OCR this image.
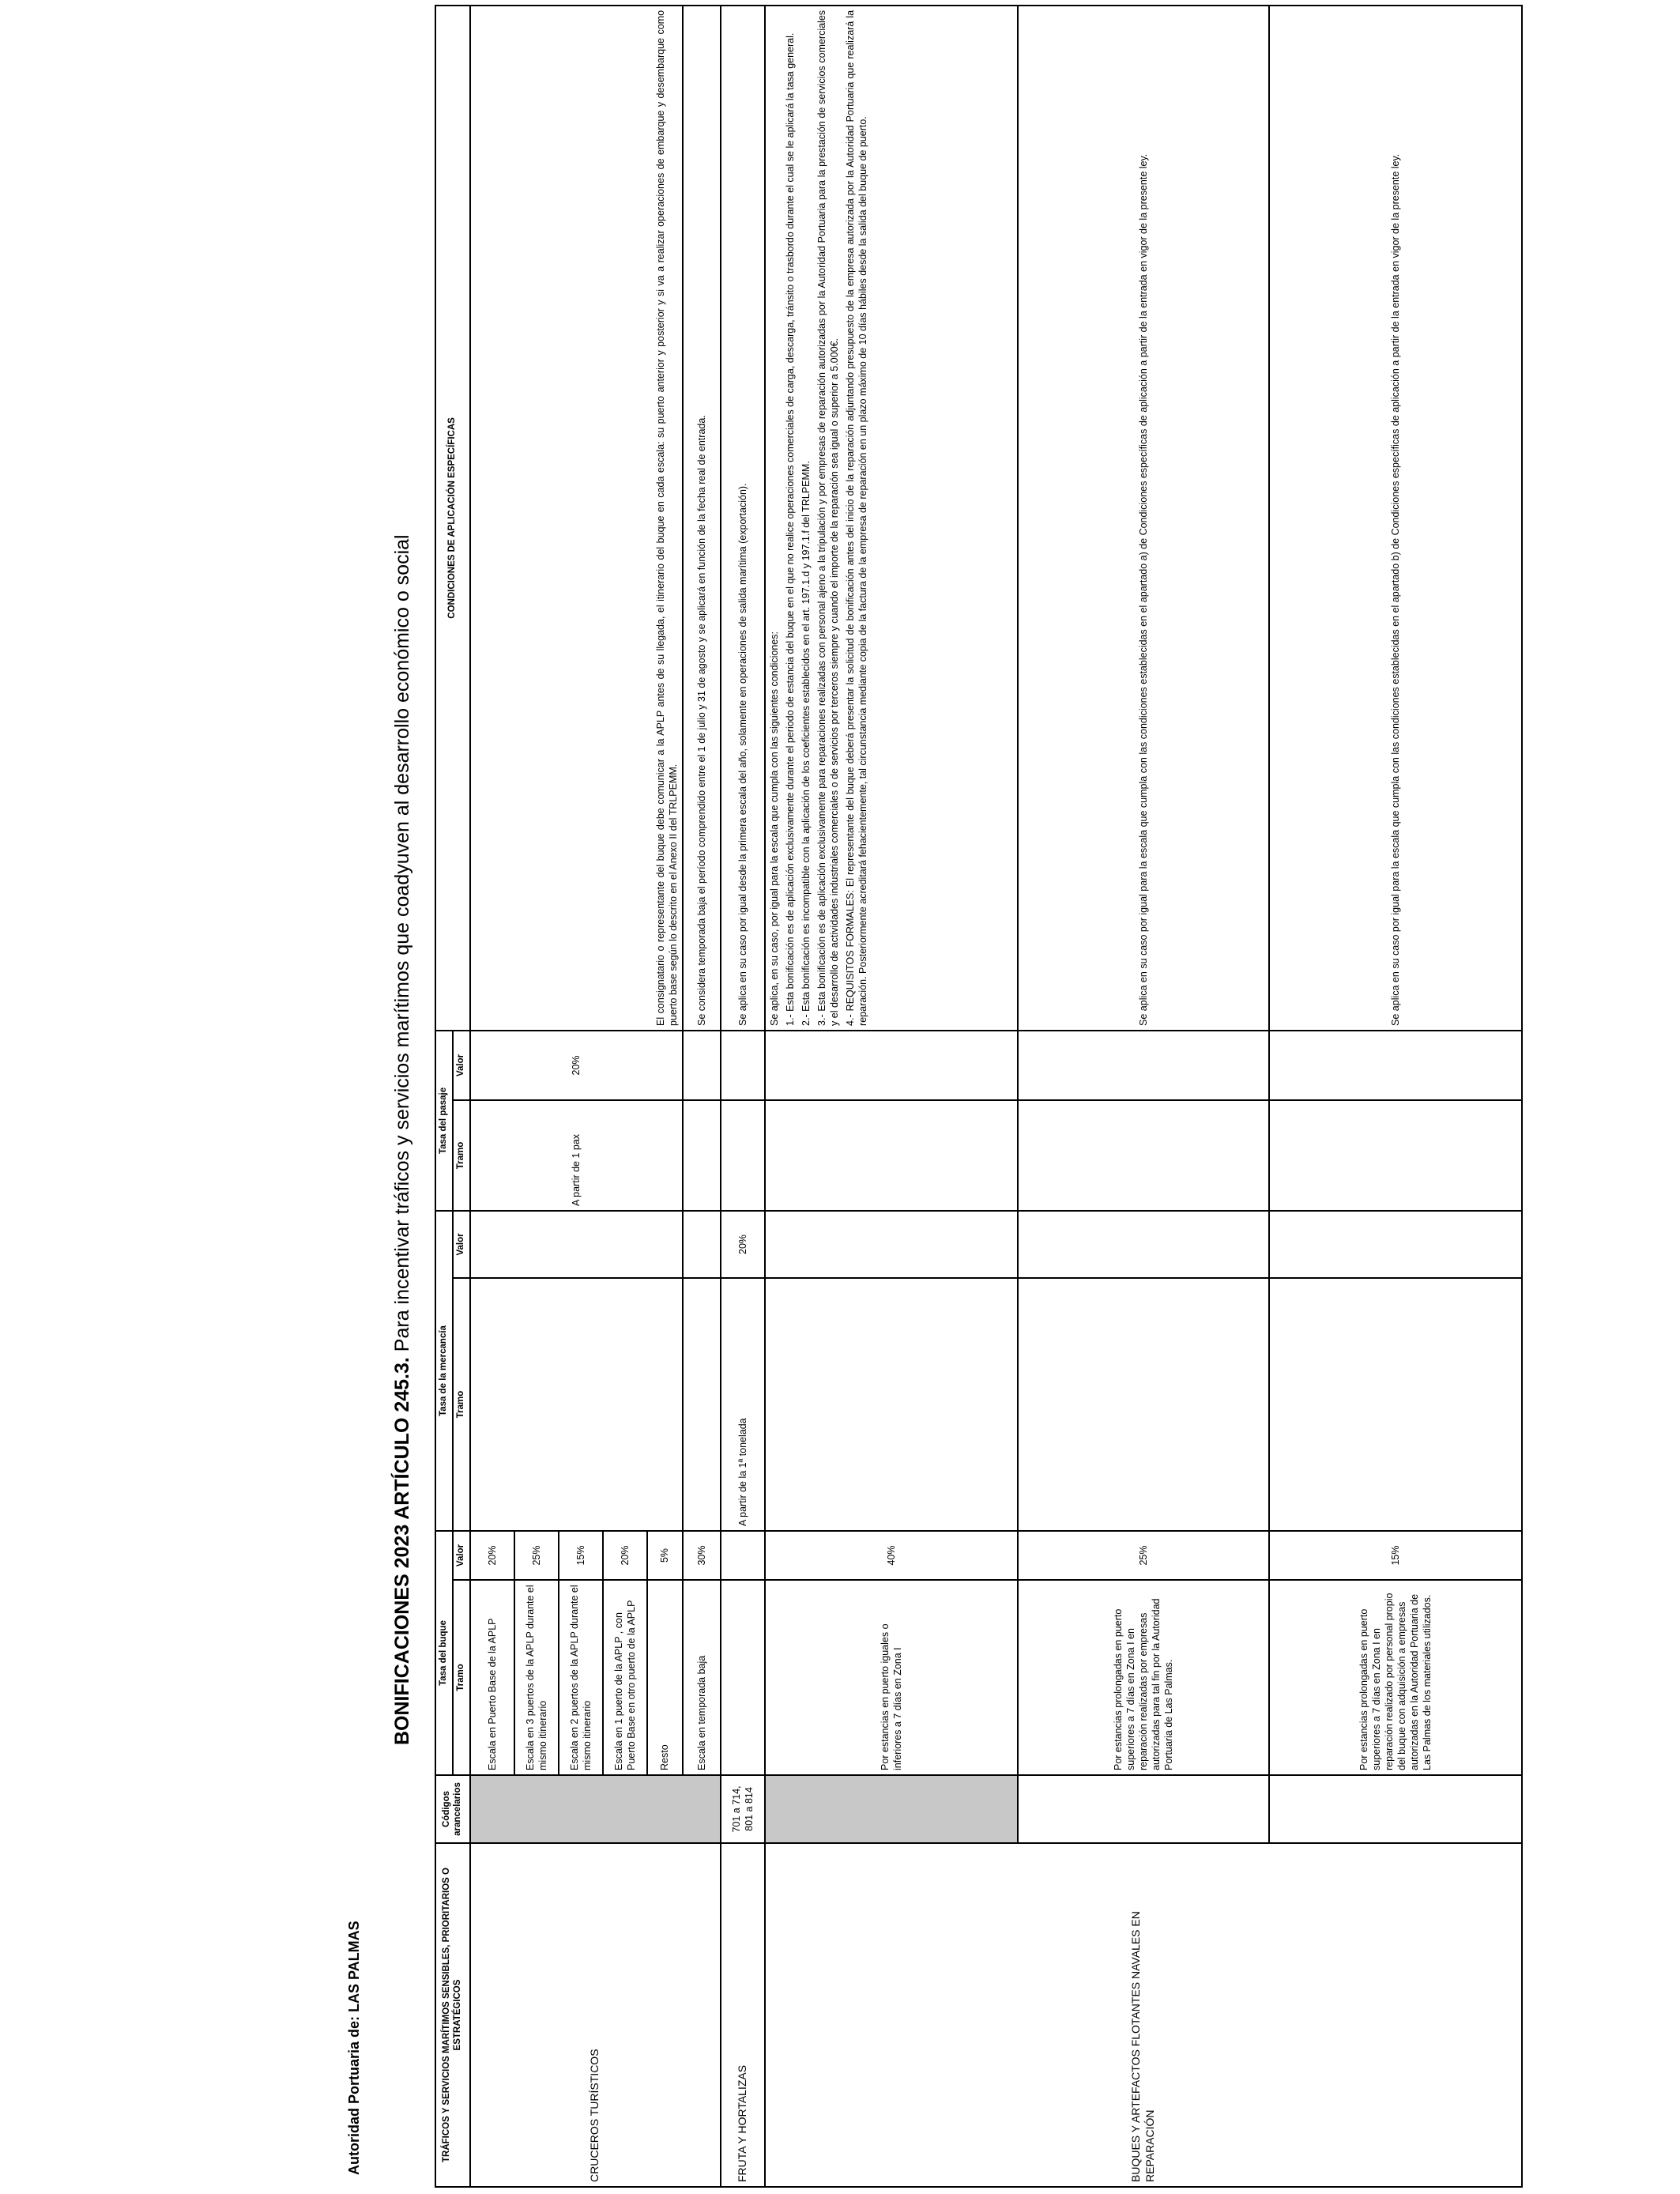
Autoridad Portuaria de: LAS PALMAS
BONIFICACIONES 2023 ARTÍCULO 245.3. Para incentivar tráficos y servicios marítimos que coadyuven al desarrollo económico o social
TRÁFICOS Y SERVICIOS MARÍTIMOS SENSIBLES, PRIORITARIOS O ESTRATÉGICOS	Códigos arancelarios	Tasa del buque		Tasa de la mercancía		Tasa del pasaje		CONDICIONES DE APLICACIÓN ESPECÍFICAS
		Tramo	Valor	Tramo	Valor	Tramo	Valor	
CRUCEROS TURÍSTICOS		Escala en Puerto Base de la APLP	20%			A partir de 1 pax	20%	El consignatario o representante del buque debe comunicar a la APLP antes de su llegada, el itinerario del buque en cada escala: su puerto anterior y posterior y si va a realizar operaciones de embarque y desembarque como puerto base según lo descrito en el Anexo II del TRLPEMM.
		Escala en 3 puertos de la APLP durante el mismo itinerario	25%					
		Escala en 2 puertos de la APLP durante el mismo itinerario	15%					
		Escala en 1 puerto de la APLP , con Puerto Base en otro puerto de la APLP	20%					
		Resto	5%					
		Escala en temporada baja	30%					Se considera temporada baja el período comprendido entre el 1 de julio y 31 de agosto y se aplicará en función de la fecha real de entrada.
FRUTA Y HORTALIZAS	701 a 714, 801 a 814			A partir de la 1ª tonelada	20%			Se aplica en su caso por igual desde la primera escala del año, solamente en operaciones de salida marítima (exportación).
BUQUES Y ARTEFACTOS FLOTANTES NAVALES EN REPARACIÓN		Por estancias en puerto iguales o inferiores a 7 días en Zona I	40%					Se aplica, en su caso, por igual para la escala que cumpla con las siguientes condiciones: 1.- Esta bonificación es de aplicación exclusivamente durante el periodo de estancia del buque en el que no realice operaciones comerciales de carga, descarga, tránsito o trasbordo durante el cual se le aplicará la tasa general. 2.- Esta bonificación es incompatible con la aplicación de los coeficientes establecidos en el art. 197.1.d y 197.1.f del TRLPEMM. 3.- Esta bonificación es de aplicación exclusivamente para reparaciones realizadas con personal ajeno a la tripulación y por empresas de reparación autorizadas por la Autoridad Portuaria para la prestación de servicios comerciales y el desarrollo de actividades industriales comerciales o de servicios por terceros siempre y cuando el importe de la reparación sea igual o superior a 5.000€. 4.- REQUISITOS FORMALES: El representante del buque deberá presentar la solicitud de bonificación antes del inicio de la reparación adjuntando presupuesto de la empresa autorizada por la Autoridad Portuaria que realizará la reparación. Posteriormente acreditará fehacientemente, tal circunstancia mediante copia de la factura de la empresa de reparación en un plazo máximo de 10 días hábiles desde la salida del buque de puerto.

		Por estancias prolongadas en puerto superiores a 7 días en Zona I en reparación realizadas por empresas autorizadas para tal fin por la Autoridad Portuaria de Las Palmas.	25%					Se aplica en su caso por igual para la escala que cumpla con las condiciones establecidas en el apartado a) de Condiciones específicas de aplicación a partir de la entrada en vigor de la presente ley.
		Por estancias prolongadas en puerto superiores a 7 días en Zona I en reparación realizado por personal propio del buque con adquisición a empresas autorizadas en la Autoridad Portuaria de Las Palmas de los materiales utilizados.	15%					Se aplica en su caso por igual para la escala que cumpla con las condiciones establecidas en el apartado b) de Condiciones específicas de aplicación a partir de la entrada en vigor de la presente ley.
